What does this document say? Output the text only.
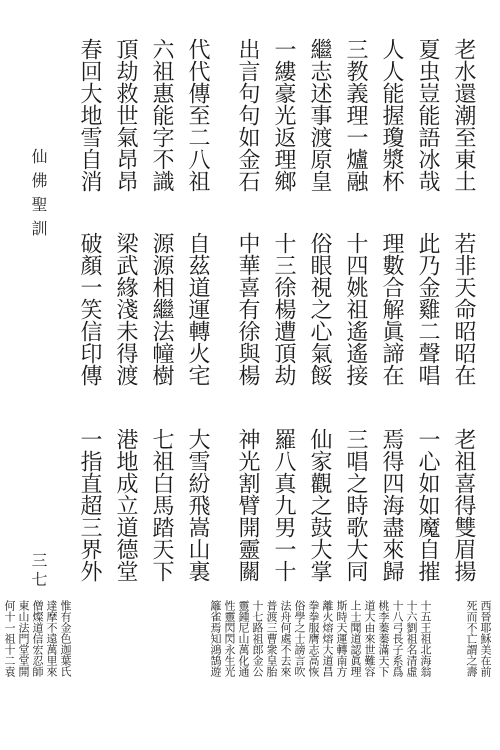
老水還潮至東土
夏虫豈能語冰哉
人人能握瓊漿杯
三教義理一爐融
繼志述事渡原皇
一縷豪光返理鄉
出言句句如金石
代代傳至二八祖
六祖惠能字不識
頂劫救世氣昂昂
春回大地雪自消
老祖喜得雙眉揚
一心如如魔自摧
焉得四海盡來歸
三唱之時歌大同
仙家觀之鼓大掌
羅八真九男一十
神光割臂開靈關
大雪紛飛嵩山裏
七祖白馬踏天下
港地成立道德堂
一指直超三界外
若非天命昭昭在
此乃金雞二聲唱
理數合解眞諦在
十四姚祖遙遙接
俗眼視之心氣餒
十三徐楊遭頂劫
中華喜有徐與楊
自茲道運轉火宅
源源相繼法幢樹
梁武緣淺未得渡
破顏一笑信印傳
惟有金色迦葉氏
達摩不遠萬里來
僧燦道信宏忍師
東山法門堂堂開
何十一祖十二袁	西晉耶穌美在前
死而不亡謂之壽
十五王祖北海翁
十六劉祖名清虛
十八弓長子系爲
桃李蓁蓁滿天下
道大由來世難容
上士聞道認眞理
斯時天運轉南方
離火熔熔大道昌
拳拳服膺志高恢
俗學之士謗言吹
法舟何處不去來
普渡三曹衆皇胎
十七路祖郎金公
靈鍾尼山萬化通
性靈閃閃永生光
籬雀焉知鴻鵠遊
仙佛聖訓
三七
